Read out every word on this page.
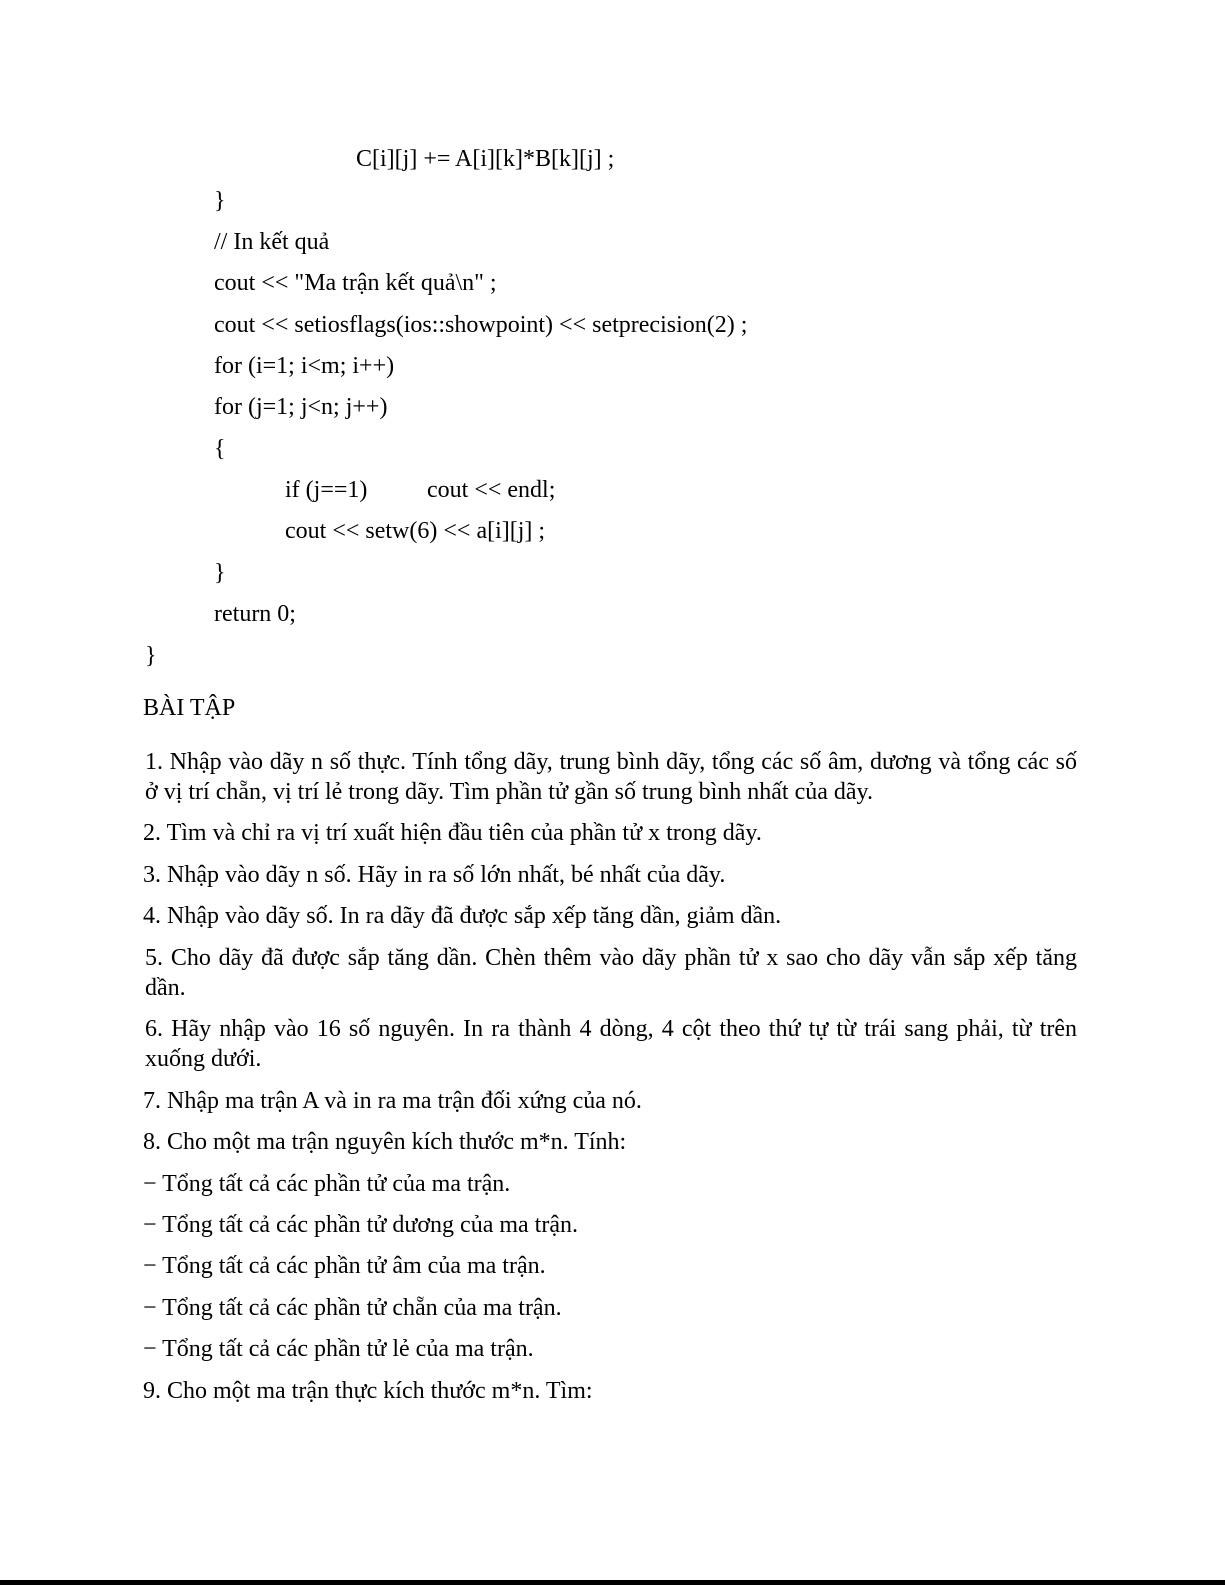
C[i][j] += A[i][k]*B[k][j] ;
}
// In kết quả
cout << "Ma trận kết quả\n" ;
cout << setiosflags(ios::showpoint) << setprecision(2) ;
for (i=1; i<m; i++)
for (j=1; j<n; j++)
{
if (j==1) cout << endl;
cout << setw(6) << a[i][j] ;
}
return 0;
}
BÀI TẬP
1. Nhập vào dãy n số thực. Tính tổng dãy, trung bình dãy, tổng các số âm, dương và tổng các số ở vị trí chẵn, vị trí lẻ trong dãy. Tìm phần tử gần số trung bình nhất của dãy.
2. Tìm và chỉ ra vị trí xuất hiện đầu tiên của phần tử x trong dãy.
3. Nhập vào dãy n số. Hãy in ra số lớn nhất, bé nhất của dãy.
4. Nhập vào dãy số. In ra dãy đã được sắp xếp tăng dần, giảm dần.
5. Cho dãy đã được sắp tăng dần. Chèn thêm vào dãy phần tử x sao cho dãy vẫn sắp xếp tăng dần.
6. Hãy nhập vào 16 số nguyên. In ra thành 4 dòng, 4 cột theo thứ tự từ trái sang phải, từ trên xuống dưới.
7. Nhập ma trận A và in ra ma trận đối xứng của nó.
8. Cho một ma trận nguyên kích thước m*n. Tính:
− Tổng tất cả các phần tử của ma trận.
− Tổng tất cả các phần tử dương của ma trận.
− Tổng tất cả các phần tử âm của ma trận.
− Tổng tất cả các phần tử chẵn của ma trận.
− Tổng tất cả các phần tử lẻ của ma trận.
9. Cho một ma trận thực kích thước m*n. Tìm:
